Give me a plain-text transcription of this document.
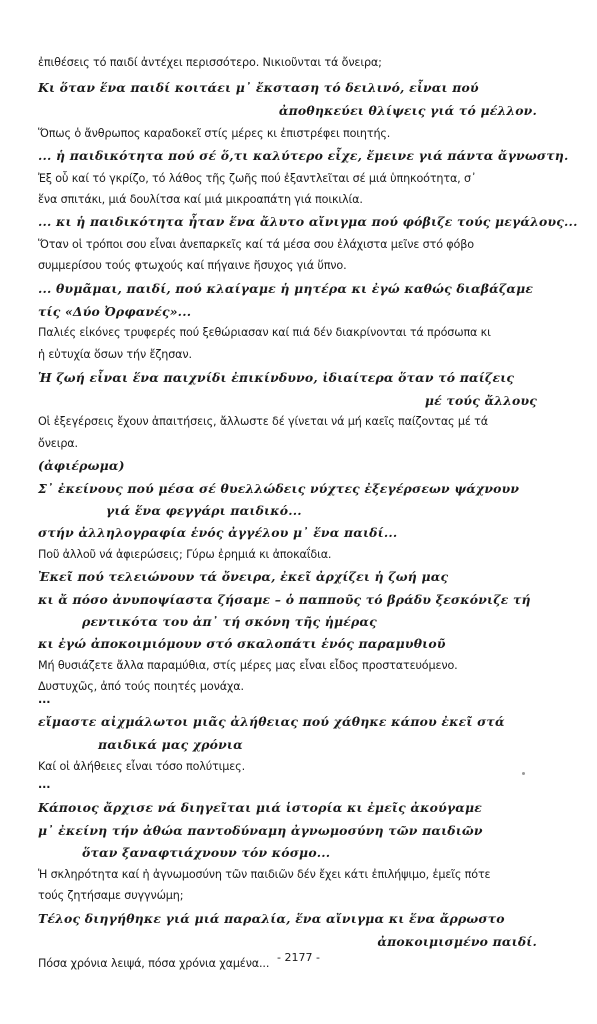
ἐπιθέσεις τό παιδί ἀντέχει περισσότερο. Νικιοῦνται τά ὄνειρα;

Κι ὅταν ἕνα παιδί κοιτάει μ᾽ ἔκσταση τό δειλινό, εἶναι πού

ἀποθηκεύει θλίψεις γιά τό μέλλον.

Ὅπως ὁ ἄνθρωπος καραδοκεῖ στίς μέρες κι ἐπιστρέφει ποιητής.

... ἡ παιδικότητα πού σέ ὅ,τι καλύτερο εἶχε, ἔμεινε γιά πάντα ἄγνωστη.

Ἐξ οὗ καί τό γκρίζο, τό λάθος τῆς ζωῆς πού ἐξαντλεῖται σέ μιά ὑπηκοότητα, σ᾽

ἕνα σπιτάκι, μιά δουλίτσα καί μιά μικροαπάτη γιά ποικιλία.

... κι ἡ παιδικότητα ἦταν ἕνα ἄλυτο αἴνιγμα πού φόβιζε τούς μεγάλους...

Ὅταν οἱ τρόποι σου εἶναι ἀνεπαρκεῖς καί τά μέσα σου ἐλάχιστα μεῖνε στό φόβο

συμμερίσου τούς φτωχούς καί πήγαινε ἥσυχος γιά ὕπνο.

... θυμᾶμαι, παιδί, πού κλαίγαμε ἡ μητέρα κι ἐγώ καθώς διαβάζαμε

τίς «Δύο Ὀρφανές»...

Παλιές εἰκόνες τρυφερές πού ξεθώριασαν καί πιά δέν διακρίνονται τά πρόσωπα κι

ἡ εὐτυχία ὅσων τήν ἔζησαν.

Ἡ ζωή εἶναι ἕνα παιχνίδι ἐπικίνδυνο, ἰδιαίτερα ὅταν τό παίζεις

μέ τούς ἄλλους

Οἱ ἐξεγέρσεις ἔχουν ἀπαιτήσεις, ἄλλωστε δέ γίνεται νά μή καεῖς παίζοντας μέ τά

ὄνειρα.

(ἀφιέρωμα)

Σ᾽ ἐκείνους πού μέσα σέ θυελλώδεις νύχτες ἐξεγέρσεων ψάχνουν

γιά ἕνα φεγγάρι παιδικό...

στήν ἀλληλογραφία ἑνός ἀγγέλου μ᾽ ἕνα παιδί...

Ποῦ ἀλλοῦ νά ἀφιερώσεις; Γύρω ἐρημιά κι ἀποκαΐδια.

Ἐκεῖ πού τελειώνουν τά ὄνειρα, ἐκεῖ ἀρχίζει ἡ ζωή μας

κι ἄ πόσο ἀνυποψίαστα ζήσαμε – ὁ παπποῦς τό βράδυ ξεσκόνιζε τή

ρεντικότα του ἀπ᾽ τή σκόνη τῆς ἡμέρας

κι ἐγώ ἀποκοιμιόμουν στό σκαλοπάτι ἑνός παραμυθιοῦ

Μή θυσιάζετε ἄλλα παραμύθια, στίς μέρες μας εἶναι εἶδος προστατευόμενο.

Δυστυχῶς, ἀπό τούς ποιητές μονάχα.

...

εἴμαστε αἰχμάλωτοι μιᾶς ἀλήθειας πού χάθηκε κάπου ἐκεῖ στά

παιδικά μας χρόνια

Καί οἱ ἀλήθειες εἶναι τόσο πολύτιμες.

...

Κάποιος ἄρχισε νά διηγεῖται μιά ἱστορία κι ἐμεῖς ἀκούγαμε

μ᾽ ἐκείνη τήν ἀθώα παντοδύναμη ἀγνωμοσύνη τῶν παιδιῶν

ὅταν ξαναφτιάχνουν τόν κόσμο...

Ἡ σκληρότητα καί ἡ ἀγνωμοσύνη τῶν παιδιῶν δέν ἔχει κάτι ἐπιλήψιμο, ἐμεῖς πότε

τούς ζητήσαμε συγγνώμη;

Τέλος διηγήθηκε γιά μιά παραλία, ἕνα αἴνιγμα κι ἕνα ἄρρωστο

ἀποκοιμισμένο παιδί.

Πόσα χρόνια λειψά, πόσα χρόνια χαμένα... - 2177 -
